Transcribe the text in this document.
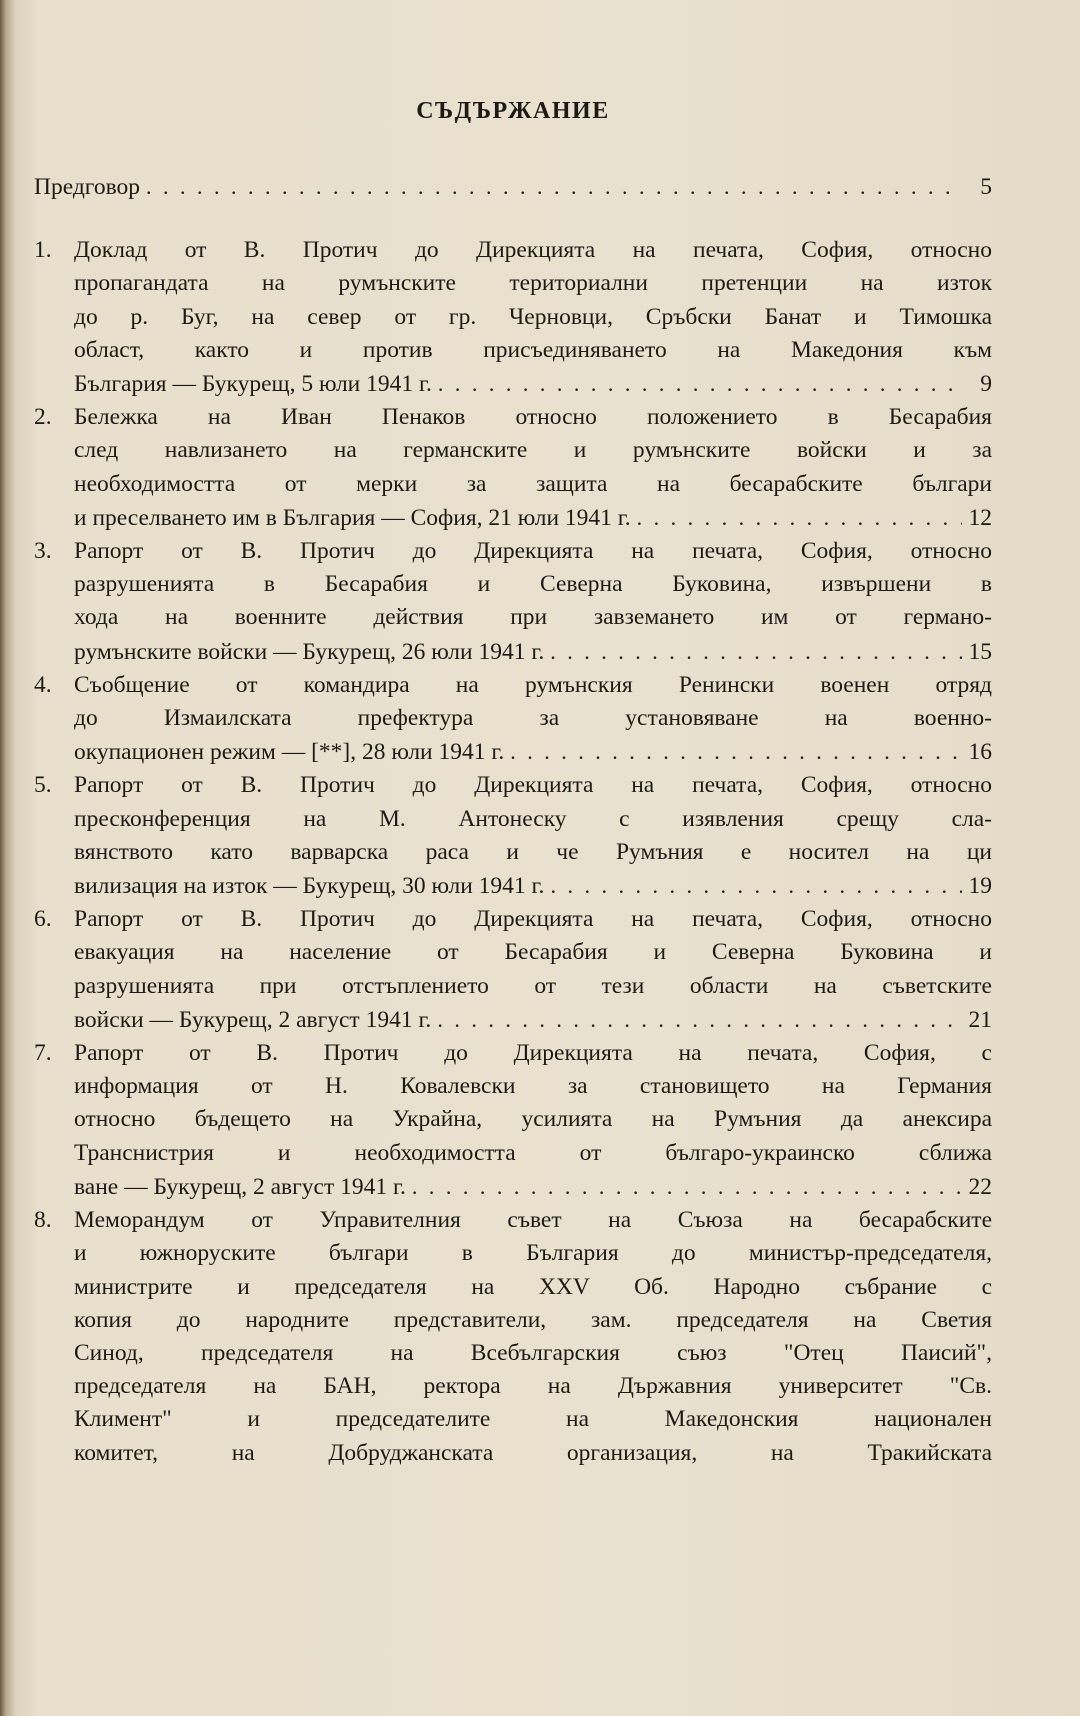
СЪДЪРЖАНИЕ
Предговор . . .	5
1. Доклад от В. Протич до Дирекцията на печата, София, относно
пропагандата на румънските териториални претенции на изток
до р. Буг, на север от гр. Черновци, Сръбски Банат и Тимошка
област, както и против присъединяването на Македония към
България — Букурещ, 5 юли 1941 г. . . .	9
2. Бележка на Иван Пенаков относно положението в Бесарабия
след навлизането на германските и румънските войски и за
необходимостта от мерки за защита на бесарабските българи
и преселването им в България — София, 21 юли 1941 г. . . .	12
3. Рапорт от В. Протич до Дирекцията на печата, София, относно
разрушенията в Бесарабия и Северна Буковина, извършени в
хода на военните действия при завземането им от германо-
румънските войски — Букурещ, 26 юли 1941 г. . . .	15
4. Съобщение от командира на румънския Ренински военен отряд
до Измаилската префектура за установяване на военно-
окупационен режим — [**], 28 юли 1941 г. . . .	16
5. Рапорт от В. Протич до Дирекцията на печата, София, относно
пресконференция на М. Антонеску с изявления срещу сла-
вянството като варварска раса и че Румъния е носител на ци
вилизация на изток — Букурещ, 30 юли 1941 г. . . .	19
6. Рапорт от В. Протич до Дирекцията на печата, София, относно
евакуация на население от Бесарабия и Северна Буковина и
разрушенията при отстъплението от тези области на съветските
войски — Букурещ, 2 август 1941 г. . . .	21
7. Рапорт от В. Протич до Дирекцията на печата, София, с
информация от Н. Ковалевски за становището на Германия
относно бъдещето на Украйна, усилията на Румъния да анексира
Транснистрия и необходимостта от българо-украинско сближа
ване — Букурещ, 2 август 1941 г. . . .	22
8. Меморандум от Управителния съвет на Съюза на бесарабските
и южноруските българи в България до министър-председателя,
министрите и председателя на XXV Об. Народно събрание с
копия до народните представители, зам. председателя на Светия
Синод, председателя на Всебългарския съюз "Отец Паисий",
председателя на БАН, ректора на Държавния университет "Св.
Климент" и председателите на Македонския национален
комитет, на Добруджанската организация, на Тракийската
